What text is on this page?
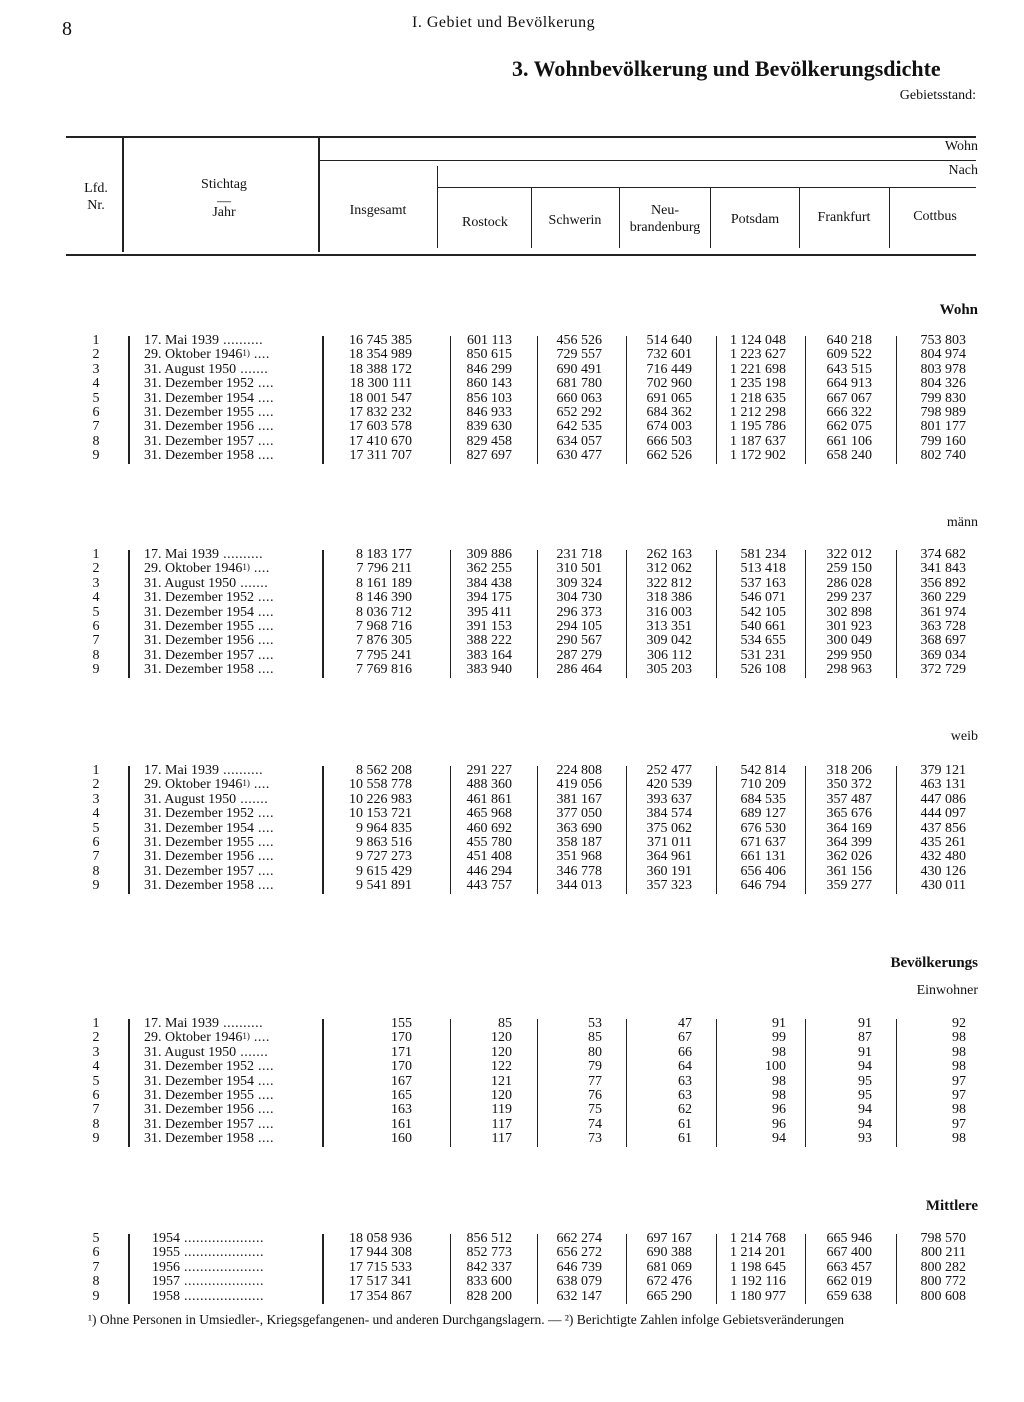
8	I. Gebiet und Bevölkerung
3. Wohnbevölkerung und Bevölkerungsdichte
Gebietsstand:
Lfd.
Nr.
Stichtag
—
Jahr	Insgesamt
Wohn
Nach
Rostock	Schwerin
Neu-
brandenburg
Potsdam	Frankfurt	Cottbus
Wohn
männ
weib
Bevölkerungs
Einwohner
Mittlere
1	17. Mai 1939 ..........	16 745 385	601 113	456 526	514 640	1 124 048	640 218	753 803
2	29. Oktober 1946$^{1)}$ ....	18 354 989	850 615	729 557	732 601	1 223 627	609 522	804 974
3	31. August 1950 .......	18 388 172	846 299	690 491	716 449	1 221 698	643 515	803 978
4	31. Dezember 1952 ....	18 300 111	860 143	681 780	702 960	1 235 198	664 913	804 326
5	31. Dezember 1954 ....	18 001 547	856 103	660 063	691 065	1 218 635	667 067	799 830
6	31. Dezember 1955 ....	17 832 232	846 933	652 292	684 362	1 212 298	666 322	798 989
7	31. Dezember 1956 ....	17 603 578	839 630	642 535	674 003	1 195 786	662 075	801 177
8	31. Dezember 1957 ....	17 410 670	829 458	634 057	666 503	1 187 637	661 106	799 160
9	31. Dezember 1958 ....	17 311 707	827 697	630 477	662 526	1 172 902	658 240	802 740
1	17. Mai 1939 ..........	8 183 177	309 886	231 718	262 163	581 234	322 012	374 682
2	29. Oktober 1946$^{1)}$ ....	7 796 211	362 255	310 501	312 062	513 418	259 150	341 843
3	31. August 1950 .......	8 161 189	384 438	309 324	322 812	537 163	286 028	356 892
4	31. Dezember 1952 ....	8 146 390	394 175	304 730	318 386	546 071	299 237	360 229
5	31. Dezember 1954 ....	8 036 712	395 411	296 373	316 003	542 105	302 898	361 974
6	31. Dezember 1955 ....	7 968 716	391 153	294 105	313 351	540 661	301 923	363 728
7	31. Dezember 1956 ....	7 876 305	388 222	290 567	309 042	534 655	300 049	368 697
8	31. Dezember 1957 ....	7 795 241	383 164	287 279	306 112	531 231	299 950	369 034
9	31. Dezember 1958 ....	7 769 816	383 940	286 464	305 203	526 108	298 963	372 729
1	17. Mai 1939 ..........	8 562 208	291 227	224 808	252 477	542 814	318 206	379 121
2	29. Oktober 1946$^{1)}$ ....	10 558 778	488 360	419 056	420 539	710 209	350 372	463 131
3	31. August 1950 .......	10 226 983	461 861	381 167	393 637	684 535	357 487	447 086
4	31. Dezember 1952 ....	10 153 721	465 968	377 050	384 574	689 127	365 676	444 097
5	31. Dezember 1954 ....	9 964 835	460 692	363 690	375 062	676 530	364 169	437 856
6	31. Dezember 1955 ....	9 863 516	455 780	358 187	371 011	671 637	364 399	435 261
7	31. Dezember 1956 ....	9 727 273	451 408	351 968	364 961	661 131	362 026	432 480
8	31. Dezember 1957 ....	9 615 429	446 294	346 778	360 191	656 406	361 156	430 126
9	31. Dezember 1958 ....	9 541 891	443 757	344 013	357 323	646 794	359 277	430 011
1	17. Mai 1939 ..........	155	85	53	47	91	91	92
2	29. Oktober 1946$^{1)}$ ....	170	120	85	67	99	87	98
3	31. August 1950 .......	171	120	80	66	98	91	98
4	31. Dezember 1952 ....	170	122	79	64	100	94	98
5	31. Dezember 1954 ....	167	121	77	63	98	95	97
6	31. Dezember 1955 ....	165	120	76	63	98	95	97
7	31. Dezember 1956 ....	163	119	75	62	96	94	98
8	31. Dezember 1957 ....	161	117	74	61	96	94	97
9	31. Dezember 1958 ....	160	117	73	61	94	93	98
5	1954 ....................	18 058 936	856 512	662 274	697 167	1 214 768	665 946	798 570
6	1955 ....................	17 944 308	852 773	656 272	690 388	1 214 201	667 400	800 211
7	1956 ....................	17 715 533	842 337	646 739	681 069	1 198 645	663 457	800 282
8	1957 ....................	17 517 341	833 600	638 079	672 476	1 192 116	662 019	800 772
9	1958 ....................	17 354 867	828 200	632 147	665 290	1 180 977	659 638	800 608
¹) Ohne Personen in Umsiedler-, Kriegsgefangenen- und anderen Durchgangslagern. — ²) Berichtigte Zahlen infolge Gebietsveränderungen
